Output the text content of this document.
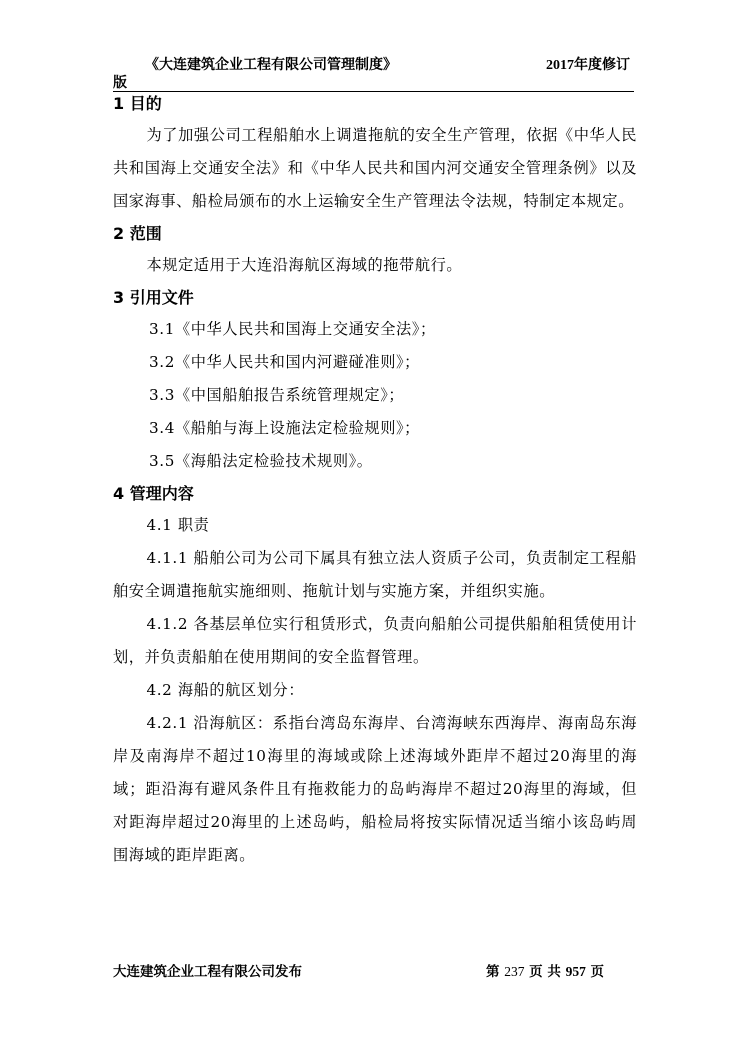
《大连建筑企业工程有限公司管理制度》	2017年度修订
版
1 目的

为了加强公司工程船舶水上调遣拖航的安全生产管理，依据《中华人民共和国海上交通安全法》和《中华人民共和国内河交通安全管理条例》以及国家海事、船检局颁布的水上运输安全生产管理法令法规，特制定本规定。

2 范围

本规定适用于大连沿海航区海域的拖带航行。

3 引用文件
3.1《中华人民共和国海上交通安全法》；
3.2《中华人民共和国内河避碰准则》；
3.3《中国船舶报告系统管理规定》；
3.4《船舶与海上设施法定检验规则》；
3.5《海船法定检验技术规则》。
4 管理内容

4.1 职责

4.1.1 船舶公司为公司下属具有独立法人资质子公司，负责制定工程船舶安全调遣拖航实施细则、拖航计划与实施方案，并组织实施。

4.1.2 各基层单位实行租赁形式，负责向船舶公司提供船舶租赁使用计划，并负责船舶在使用期间的安全监督管理。

4.2 海船的航区划分：

4.2.1 沿海航区：系指台湾岛东海岸、台湾海峡东西海岸、海南岛东海岸及南海岸不超过10海里的海域或除上述海域外距岸不超过20海里的海域；距沿海有避风条件且有拖救能力的岛屿海岸不超过20海里的海域，但对距海岸超过20海里的上述岛屿，船检局将按实际情况适当缩小该岛屿周围海域的距岸距离。

大连建筑企业工程有限公司发布	第 237 页 共 957 页
